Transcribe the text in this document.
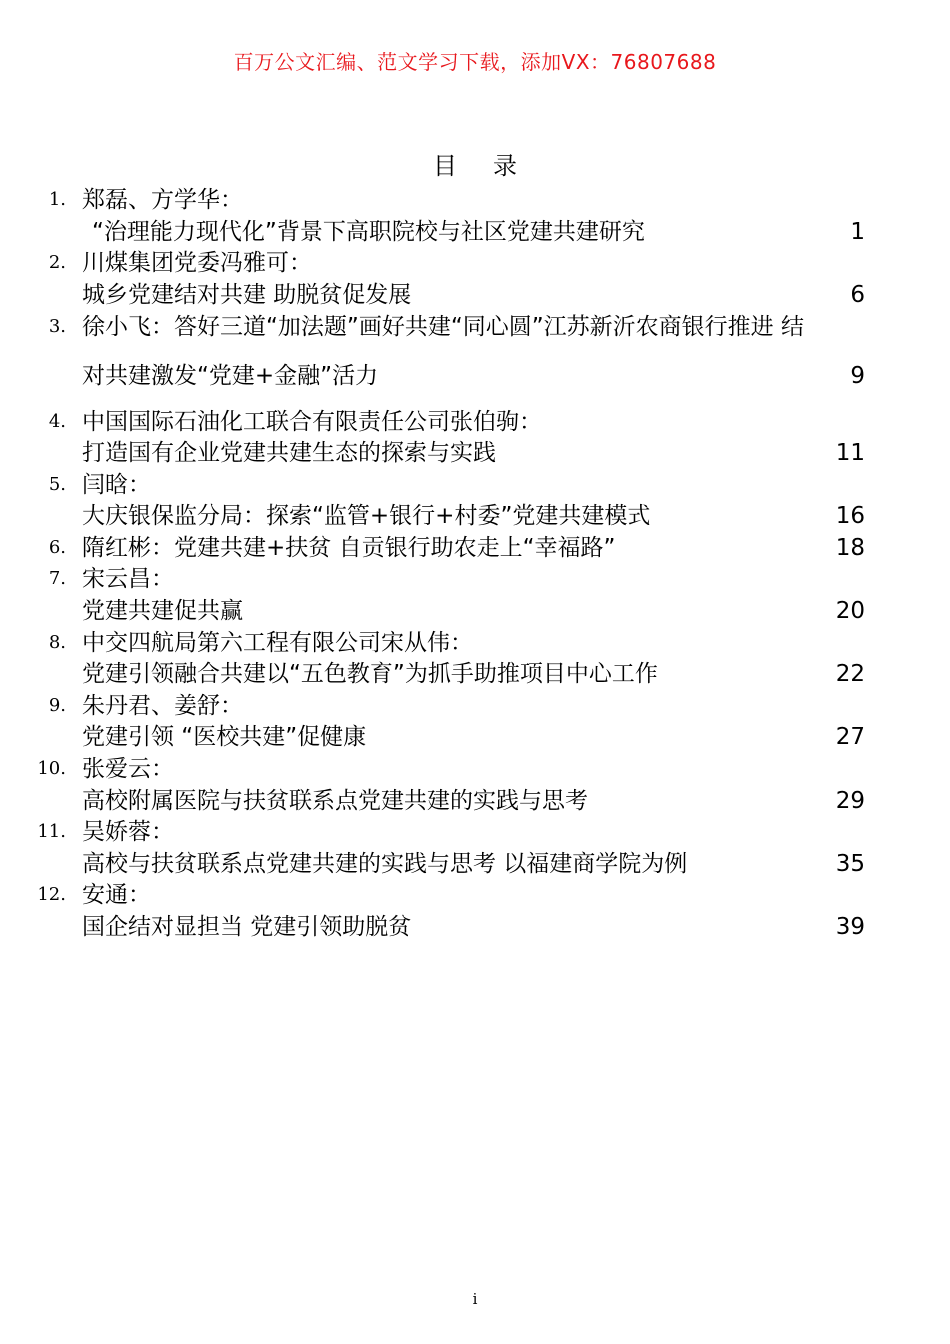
百万公文汇编、范文学习下载，添加VX：76807688
目录
1. 郑磊、方学华：
“治理能力现代化”背景下高职院校与社区党建共建研究	1
2. 川煤集团党委冯雅可：
城乡党建结对共建 助脱贫促发展	6
3. 徐小飞：答好三道“加法题”画好共建“同心圆”江苏新沂农商银行推进 结
对共建激发“党建+金融”活力	9
4. 中国国际石油化工联合有限责任公司张伯驹：
打造国有企业党建共建生态的探索与实践	11
5. 闫晗：
大庆银保监分局：探索“监管+银行+村委”党建共建模式	16
6. 隋红彬：党建共建+扶贫 自贡银行助农走上“幸福路”	18
7. 宋云昌：
党建共建促共赢	20
8. 中交四航局第六工程有限公司宋从伟：
党建引领融合共建以“五色教育”为抓手助推项目中心工作	22
9. 朱丹君、姜舒：
党建引领 “医校共建”促健康	27
10. 张爱云：
高校附属医院与扶贫联系点党建共建的实践与思考	29
11. 吴娇蓉：
高校与扶贫联系点党建共建的实践与思考 以福建商学院为例	35
12. 安通：
国企结对显担当 党建引领助脱贫	39
i
